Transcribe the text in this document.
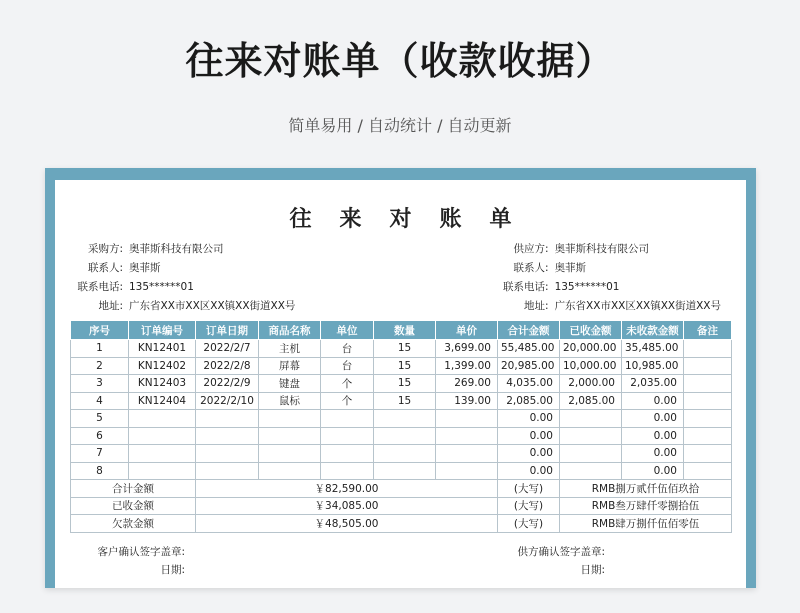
往来对账单（收款收据）
简单易用 / 自动统计 / 自动更新
往来对账单
采购方: 奥菲斯科技有限公司
联系人: 奥菲斯
联系电话: 135******01
地址: 广东省XX市XX区XX镇XX街道XX号
供应方: 奥菲斯科技有限公司
联系人: 奥菲斯
联系电话: 135******01
地址: 广东省XX市XX区XX镇XX街道XX号
序号	订单编号	订单日期	商品名称	单位	数量	单价	合计金额	已收金额	未收款金额	备注
1	KN12401	2022/2/7	主机	台	15	3,699.00	55,485.00	20,000.00	35,485.00	
2	KN12402	2022/2/8	屏幕	台	15	1,399.00	20,985.00	10,000.00	10,985.00	
3	KN12403	2022/2/9	键盘	个	15	269.00	4,035.00	2,000.00	2,035.00	
4	KN12404	2022/2/10	鼠标	个	15	139.00	2,085.00	2,085.00	0.00	
5							0.00		0.00	
6							0.00		0.00	
7							0.00		0.00	
8							0.00		0.00	
合计金额		￥82,590.00					(大写)	RMB捌万贰仟伍佰玖拾		
已收金额		￥34,085.00					(大写)	RMB叁万肆仟零捌拾伍		
欠款金额		￥48,505.00					(大写)	RMB肆万捌仟伍佰零伍		
客户确认签字盖章:
日期:
供方确认签字盖章:
日期:
